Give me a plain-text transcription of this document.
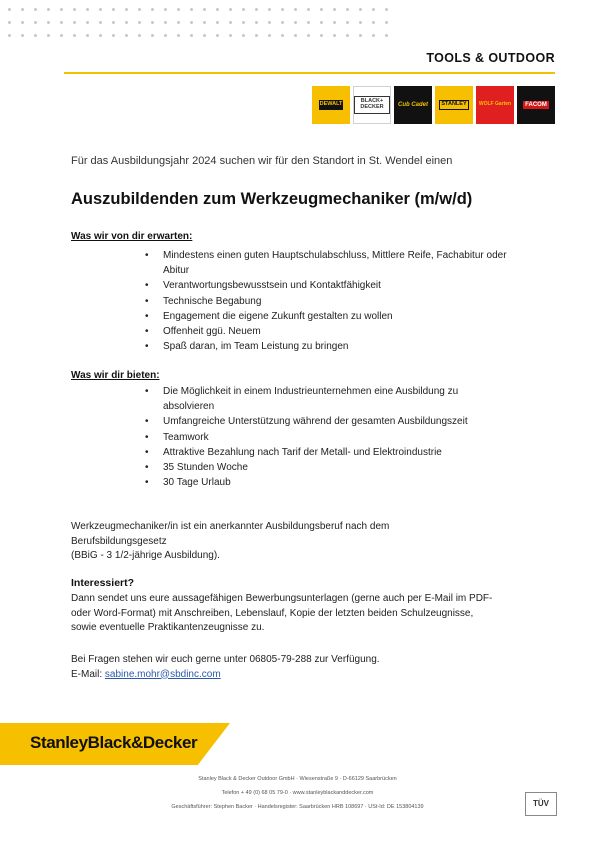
TOOLS & OUTDOOR
DEWALT	BLACK+ DECKER	Cub Cadet	STANLEY	WOLF Garten	FACOM
Für das Ausbildungsjahr 2024 suchen wir für den Standort in St. Wendel einen
Auszubildenden zum Werkzeugmechaniker (m/w/d)
Was wir von dir erwarten:
• Mindestens einen guten Hauptschulabschluss, Mittlere Reife, Fachabitur oder Abitur
• Verantwortungsbewusstsein und Kontaktfähigkeit
• Technische Begabung
• Engagement die eigene Zukunft gestalten zu wollen
• Offenheit ggü. Neuem
• Spaß daran, im Team Leistung zu bringen
Was wir dir bieten:
• Die Möglichkeit in einem Industrieunternehmen eine Ausbildung zu absolvieren
• Umfangreiche Unterstützung während der gesamten Ausbildungszeit
• Teamwork
• Attraktive Bezahlung nach Tarif der Metall- und Elektroindustrie
• 35 Stunden Woche
• 30 Tage Urlaub
Werkzeugmechaniker/in ist ein anerkannter Ausbildungsberuf nach dem
Berufsbildungsgesetz
(BBiG - 3 1/2-jährige Ausbildung).
Interessiert?
Dann sendet uns eure aussagefähigen Bewerbungsunterlagen (gerne auch per E-Mail im PDF-
oder Word-Format) mit Anschreiben, Lebenslauf, Kopie der letzten beiden Schulzeugnisse,
sowie eventuelle Praktikantenzeugnisse zu.
Bei Fragen stehen wir euch gerne unter 06805-79-288 zur Verfügung.
E-Mail: sabine.mohr@sbdinc.com
StanleyBlack&Decker
Stanley Black & Decker Outdoor GmbH · Wiesenstraße 9 · D-66129 Saarbrücken
Telefon + 49 (0) 68 05 79-0 · www.stanleyblackanddecker.com
Geschäftsführer: Stephen Backer · Handelsregister: Saarbrücken HRB 108697 · USt-Id: DE 153804139	TÜV
